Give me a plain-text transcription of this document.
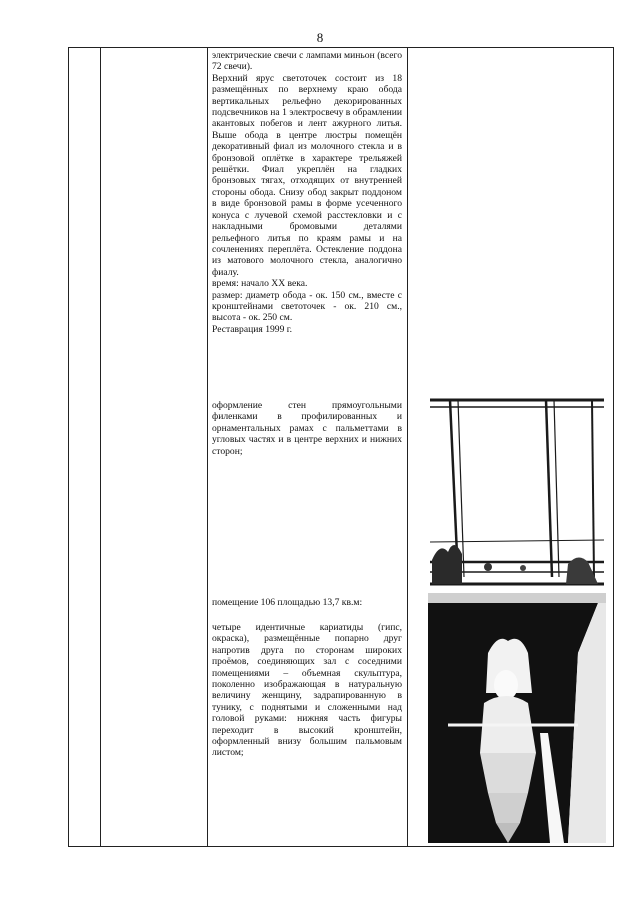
8

электрические свечи с лампами миньон (всего 72 свечи).

Верхний ярус светоточек состоит из 18 размещённых по верхнему краю обода вертикальных рельефно декорированных подсвечников на 1 электросвечу в обрамлении акантовых побегов и лент ажурного литья. Выше обода в центре люстры помещён декоративный фиал из молочного стекла и в бронзовой оплётке в характере трельяжей решётки. Фиал укреплён на гладких бронзовых тягах, отходящих от внутренней стороны обода. Снизу обод закрыт поддоном в виде бронзовой рамы в форме усеченного конуса с лучевой схемой расстекловки и с накладными бромовыми деталями рельефного литья по краям рамы и на сочленениях переплёта. Остекление поддона из матового молочного стекла, аналогично фиалу.

время: начало XX века.

размер: диаметр обода - ок. 150 см., вместе с кронштейнами светоточек - ок. 210 см., высота - ок. 250 см.

Реставрация 1999 г.

оформление стен прямоугольными филенками в профилированных и орнаментальных рамах с пальметтами в угловых частях и в центре верхних и нижних сторон;

помещение 106 площадью 13,7 кв.м:

четыре идентичные кариатиды (гипс, окраска), размещённые попарно друг напротив друга по сторонам широких проёмов, соединяющих зал с соседними помещениями – объемная скульптура, поколенно изображающая в натуральную величину женщину, задрапированную в тунику, с поднятыми и сложенными над головой руками: нижняя часть фигуры переходит в высокий кронштейн, оформленный внизу большим пальмовым листом;
